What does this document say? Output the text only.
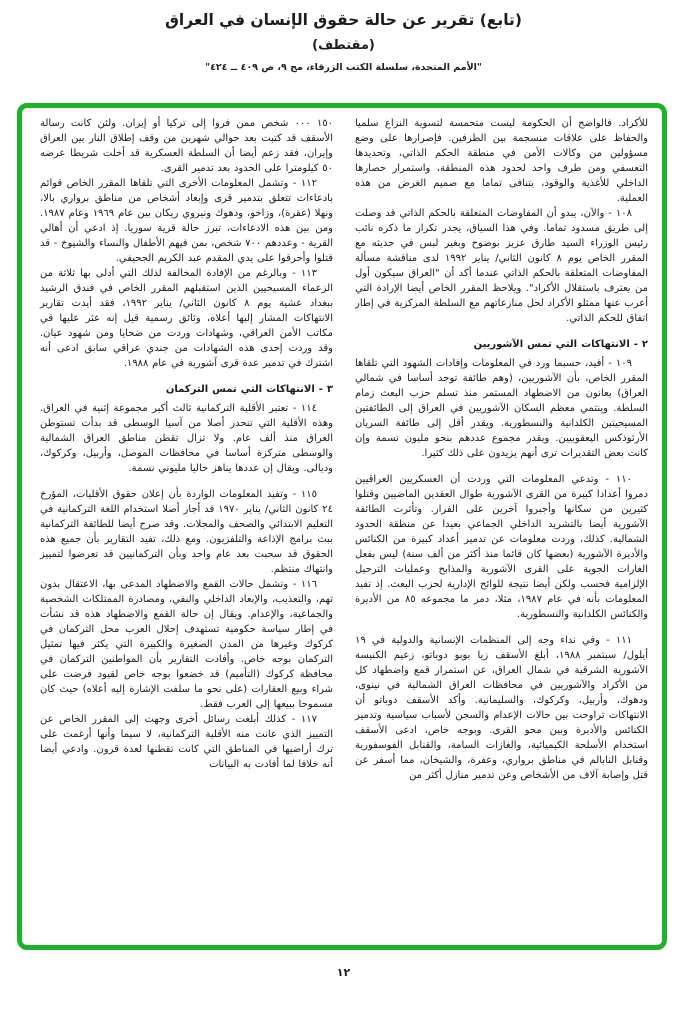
(تابع) تقرير عن حالة حقوق الإنسان في العراق
(مقتطف)
"الأمم المتحدة، سلسلة الكتب الزرقاء، مج ٩، ص ٤٠٩ ــ ٤٢٤"
للأكراد. فالواضح أن الحكومة ليست متحمسة لتسوية النزاع سلميا والحفاظ على علاقات منسجمة بين الطرفين. فإصرارها على وضع مسؤولين من وكالات الأمن في منطقة الحكم الذاتي، وتحديدها التعسفي ومن طرف واحد لحدود هذه المنطقة، واستمرار حصارها الداخلي للأغذية والوقود، يتنافى تماما مع صميم الغرض من هذه العملية.
١٠٨ - والآن، يبدو أن المفاوضات المتعلقة بالحكم الذاتي قد وصلت إلى طريق مسدود تماما. وفي هذا السياق، يجدر تكرار ما ذكره نائب رئيس الوزراء السيد طارق عزيز بوضوح وبغير لبس في حديثه مع المقرر الخاص يوم ٨ كانون الثاني/ يناير ١٩٩٢ لدى مناقشة مسألة المفاوضات المتعلقة بالحكم الذاتي عندما أكد أن "العراق سيكون أول من يعترف باستقلال الأكراد". ويلاحظ المقرر الخاص أيضا الإرادة التي أعرب عنها ممثلو الأكراد لحل منازعاتهم مع السلطة المركزية في إطار اتفاق للحكم الذاتي.
٢ - الانتهاكات التي تمس الآشوريين
١٠٩ - أفيد، حسبما ورد في المعلومات وإفادات الشهود التي تلقاها المقرر الخاص، بأن الآشوريين، (وهم طائفة توجد أساسا في شمالي العراق) يعانون من الاضطهاد المستمر منذ تسلم حزب البعث زمام السلطة. وينتمي معظم السكان الآشوريين في العراق إلى الطائفتين المسيحيتين الكلدانية والنسطورية. ويقدر أقل إلى طائفة السريان الأرثوذكس اليعقوبيين. ويقدر مجموع عددهم بنحو مليون نسمة وإن كانت بعض التقديرات ترى أنهم يزيدون على ذلك كثيرا.
١١٠ - وتدعي المعلومات التي وردت أن العسكريين العراقيين دمروا أعدادا كبيرة من القرى الآشورية طوال العقدين الماضيين وقتلوا كثيرين من سكانها وأجبروا آخرين على الفرار. وتأثرت الطائفة الآشورية أيضا بالتشريد الداخلي الجماعي بعيدا عن منطقة الحدود الشمالية. كذلك، وردت معلومات عن تدمير أعداد كبيرة من الكنائس والأديرة الآشورية (بعضها كان قائما منذ أكثر من ألف سنة) ليس بفعل الغارات الجوية على القرى الآشورية والمذابح وعمليات الترحيل الإلزامية فحسب ولكن أيضا نتيجة للوائح الإدارية لحزب البعث. إذ تفيد المعلومات بأنه في عام ١٩٨٧، مثلا، دمر ما مجموعه ٨٥ من الأديرة والكنائس الكلدانية والنسطورية.
١١١ - وفي نداء وجه إلى المنظمات الإنسانية والدولية في ١٩ أيلول/ سبتمبر ١٩٨٨، أبلغ الأسقف زيا بوبو دوباتو، زعيم الكنيسة الآشورية الشرقية في شمال العراق، عن استمرار قمع واضطهاد كل من الأكراد والآشوريين في محافظات العراق الشمالية في نينوى، ودهوك، وأربيل، وكركوك، والسليمانية. وأكد الأسقف دوباتو أن الانتهاكات تراوحت بين حالات الإعدام والسجن لأسباب سياسية وتدمير الكنائس والأديرة وبين محو القرى. وبوجه خاص، ادعى الأسقف استخدام الأسلحة الكيميائية، والغازات السامة، والقنابل الفوسفورية وقنابل النابالم في مناطق برواري، وعفرة، والشيخان، مما أسفر عن قتل وإصابة آلاف من الأشخاص وعن تدمير منازل أكثر من
١٥٠ ٠٠٠ شخص ممن فروا إلى تركيا أو إيران. ولئن كانت رسالة الأسقف قد كتبت بعد حوالي شهرين من وقف إطلاق النار بين العراق وإيران، فقد زعم أيضا أن السلطة العسكرية قد أخلت شريطا عرضه ٥٠ كيلومترا على الحدود بعد تدمير القرى.
١١٢ - وتشمل المعلومات الأخرى التي تلقاها المقرر الخاص قوائم بادعاءات تتعلق بتدمير قرى وإبعاد أشخاص من مناطق برواري بالا، ونهلا (عقرة)، وزاخو، ودهوك ونيروي ريكان بين عام ١٩٦٩ وعام ١٩٨٧. ومن بين هذه الادعاءات، تبرز حالة قرية سوريا. إذ ادعي أن أهالي القرية - وعددهم ٧٠٠ شخص، بمن فيهم الأطفال والنساء والشيوخ - قد قتلوا وأحرقوا على يدي المقدم عبد الكريم الجحيفي.
١١٣ - وبالرغم من الإفادة المخالفة لذلك التي أدلى بها ثلاثة من الزعماء المسيحيين الذين استقبلهم المقرر الخاص في فندق الرشيد ببغداد عشية يوم ٨ كانون الثاني/ يناير ١٩٩٢، فقد أيدت تقارير الانتهاكات المشار إليها أعلاه، وثائق رسمية قيل إنه عثر عليها في مكاتب الأمن العراقي، وشهادات وردت من ضحايا ومن شهود عيان. وقد وردت إحدى هذه الشهادات من جندي عراقي سابق ادعى أنه اشترك في تدمير عدة قرى آشورية في عام ١٩٨٨.
٣ - الانتهاكات التي تمس التركمان
١١٤ - تعتبر الأقلية التركمانية ثالث أكبر مجموعة إثنية في العراق. وهذه الأقلية التي تنحدر أصلا من آسيا الوسطى قد بدأت تستوطن العراق منذ ألف عام. ولا تزال تقطن مناطق العراق الشمالية والوسطى متركزة أساسا في محافظات الموصل، وأربيل، وكركوك، وديالى. ويقال إن عددها يناهز حاليا مليوني نسمة.
١١٥ - وتفيد المعلومات الواردة بأن إعلان حقوق الأقليات، المؤرخ ٢٤ كانون الثاني/ يناير ١٩٧٠ قد أجاز أصلا استخدام اللغة التركمانية في التعليم الابتدائي والصحف والمجلات. وقد صرح أيضا للطائفة التركمانية ببث برامج الإذاعة والتلفزيون. ومع ذلك، تفيد التقارير بأن جميع هذه الحقوق قد سحبت بعد عام واحد وبأن التركمانيين قد تعرضوا لتمييز وانتهاك منتظم.
١١٦ - وتشمل حالات القمع والاضطهاد المدعى بها، الاعتقال بدون تهم، والتعذيب، والإبعاد الداخلي والنفي، ومصادرة الممتلكات الشخصية والجماعية، والإعدام. ويقال إن حالة القمع والاضطهاد هذه قد نشأت في إطار سياسة حكومية تستهدف إحلال العرب محل التركمان في كركوك وغيرها من المدن الصغيرة والكبيرة التي يكثر فيها تمثيل التركمان بوجه خاص. وأفادت التقارير بأن المواطنين التركمان في محافظة كركوك (التأميم) قد خضعوا بوجه خاص لقيود فرضت على شراء وبيع العقارات (على نحو ما سلفت الإشارة إليه أعلاه) حيث كان مسموحا ببيعها إلى العرب فقط.
١١٧ - كذلك أبلغت رسائل أخرى وجهت إلى المقرر الخاص عن التمييز الذي عانت منه الأقلية التركمانية، لا سيما وأنها أرغمت على ترك أراضيها في المناطق التي كانت تقطنها لعدة قرون. وادعي أيضا أنه خلافا لما أفادت به البيانات
١٢
